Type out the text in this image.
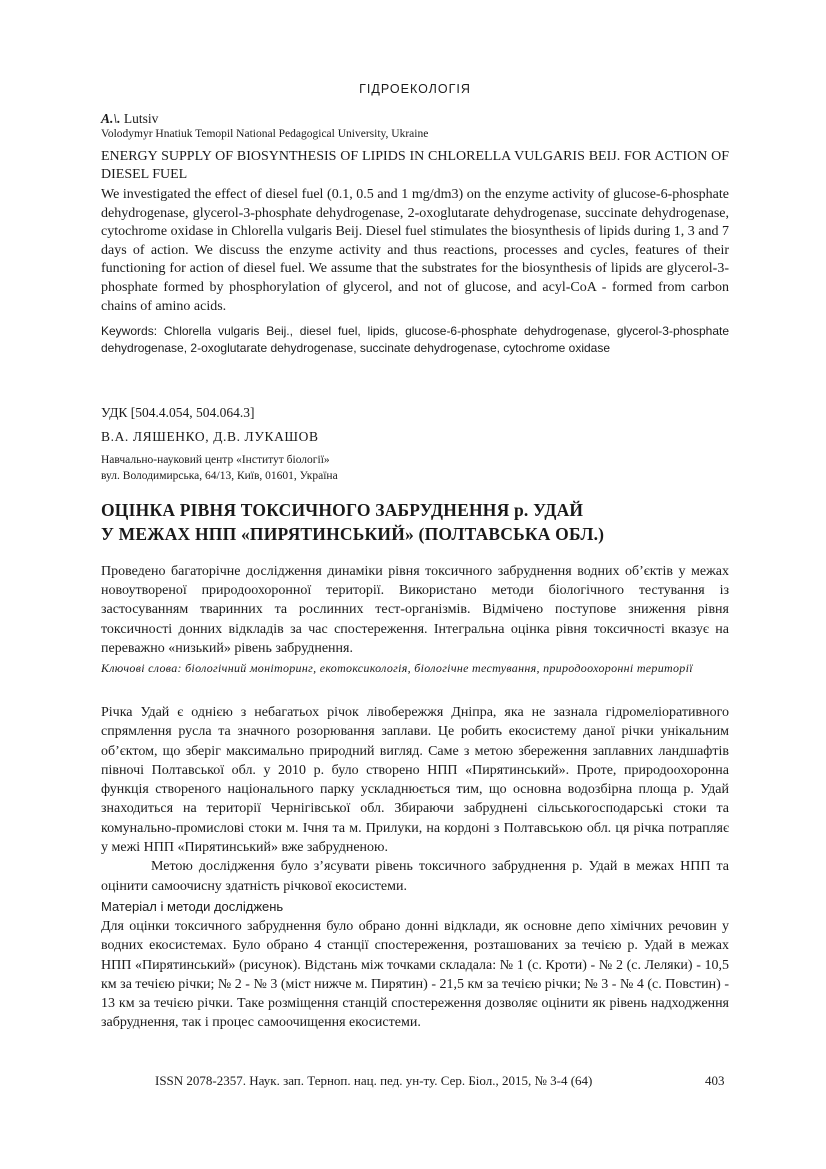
ГІДРОЕКОЛОГІЯ
A.\. Lutsiv
Volodymyr Hnatiuk Temopil National Pedagogical University, Ukraine
ENERGY SUPPLY OF BIOSYNTHESIS OF LIPIDS IN CHLORELLA VULGARIS BEIJ. FOR ACTION OF DIESEL FUEL

We investigated the effect of diesel fuel (0.1, 0.5 and 1 mg/dm3) on the enzyme activity of glucose-6-phosphate dehydrogenase, glycerol-3-phosphate dehydrogenase, 2-oxoglutarate dehydrogenase, succinate dehydrogenase, cytochrome oxidase in Chlorella vulgaris Beij. Diesel fuel stimulates the biosynthesis of lipids during 1, 3 and 7 days of action. We discuss the enzyme activity and thus reactions, processes and cycles, features of their functioning for action of diesel fuel. We assume that the substrates for the biosynthesis of lipids are glycerol-3-phosphate formed by phosphorylation of glycerol, and not of glucose, and acyl-CoA - formed from carbon chains of amino acids.

Keywords: Chlorella vulgaris Beij., diesel fuel, lipids, glucose-6-phosphate dehydrogenase, glycerol-3-phosphate dehydrogenase, 2-oxoglutarate dehydrogenase, succinate dehydrogenase, cytochrome oxidase

УДК [504.4.054, 504.064.3]
В.А. ЛЯШЕНКО, Д.В. ЛУКАШОВ
Навчально-науковий центр «Інститут біології»
вул. Володимирська, 64/13, Київ, 01601, Україна
ОЦІНКА РІВНЯ ТОКСИЧНОГО ЗАБРУДНЕННЯ р. УДАЙ
У МЕЖАХ НПП «ПИРЯТИНСЬКИЙ» (ПОЛТАВСЬКА ОБЛ.)

Проведено багаторічне дослідження динаміки рівня токсичного забруднення водних об’єктів у межах новоутвореної природоохоронної території. Використано методи біологічного тестування із застосуванням тваринних та рослинних тест-організмів. Відмічено поступове зниження рівня токсичності донних відкладів за час спостереження. Інтегральна оцінка рівня токсичності вказує на переважно «низький» рівень забруднення.

Ключові слова: біологічний моніторинг, екотоксикологія, біологічне тестування, природоохоронні території

Річка Удай є однією з небагатьох річок лівобережжя Дніпра, яка не зазнала гідромеліоративного спрямлення русла та значного розорювання заплави. Це робить екосистему даної річки унікальним об’єктом, що зберіг максимально природний вигляд. Саме з метою збереження заплавних ландшафтів півночі Полтавської обл. у 2010 р. було створено НПП «Пирятинський». Проте, природоохоронна функція створеного національного парку ускладнюється тим, що основна водозбірна площа р. Удай знаходиться на території Чернігівської обл. Збираючи забруднені сільськогосподарські стоки та комунально-промислові стоки м. Ічня та м. Прилуки, на кордоні з Полтавською обл. ця річка потрапляє у межі НПП «Пирятинський» вже забрудненою.

Метою дослідження було з’ясувати рівень токсичного забруднення р. Удай в межах НПП та оцінити самоочисну здатність річкової екосистеми.

Матеріал і методи досліджень

Для оцінки токсичного забруднення було обрано донні відклади, як основне депо хімічних речовин у водних екосистемах. Було обрано 4 станції спостереження, розташованих за течією р. Удай в межах НПП «Пирятинський» (рисунок). Відстань між точками складала: № 1 (с. Кроти) - № 2 (с. Леляки) - 10,5 км за течією річки; № 2 - № 3 (міст нижче м. Пирятин) - 21,5 км за течією річки; № 3 - № 4 (с. Повстин) - 13 км за течією річки. Таке розміщення станцій спостереження дозволяє оцінити як рівень надходження забруднення, так і процес самоочищення екосистеми.

ISSN 2078-2357. Наук. зап. Терноп. нац. пед. ун-ту. Сер. Біол., 2015, № 3-4 (64)	403
